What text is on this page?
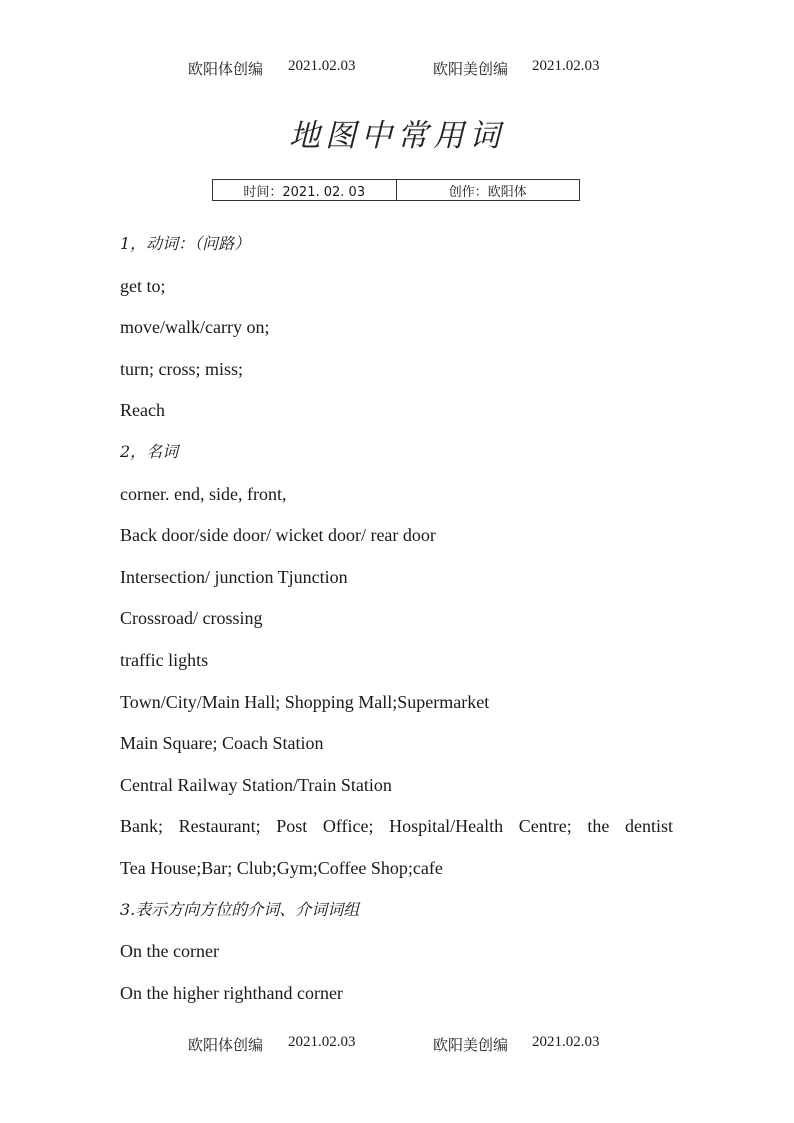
欧阳体创编

2021.02.03

	欧阳美创编

2021.02.03

地图中常用词
时间：2021. 02. 03	创作：欧阳体
1，动词：（问路）
get to;
move/walk/carry on;
turn; cross; miss;
Reach
2，名词
corner. end, side, front,
Back door/side door/ wicket door/ rear door
Intersection/ junction Tjunction
Crossroad/ crossing
traffic lights
Town/City/Main Hall; Shopping Mall;Supermarket
Main Square; Coach Station
Central Railway Station/Train Station
Bank; Restaurant; Post Office; Hospital/Health Centre; the dentist
Tea House;Bar; Club;Gym;Coffee Shop;cafe
3.表示方向方位的介词、介词词组
On the corner
On the higher righthand corner

欧阳体创编

2021.02.03

	欧阳美创编

2021.02.03
